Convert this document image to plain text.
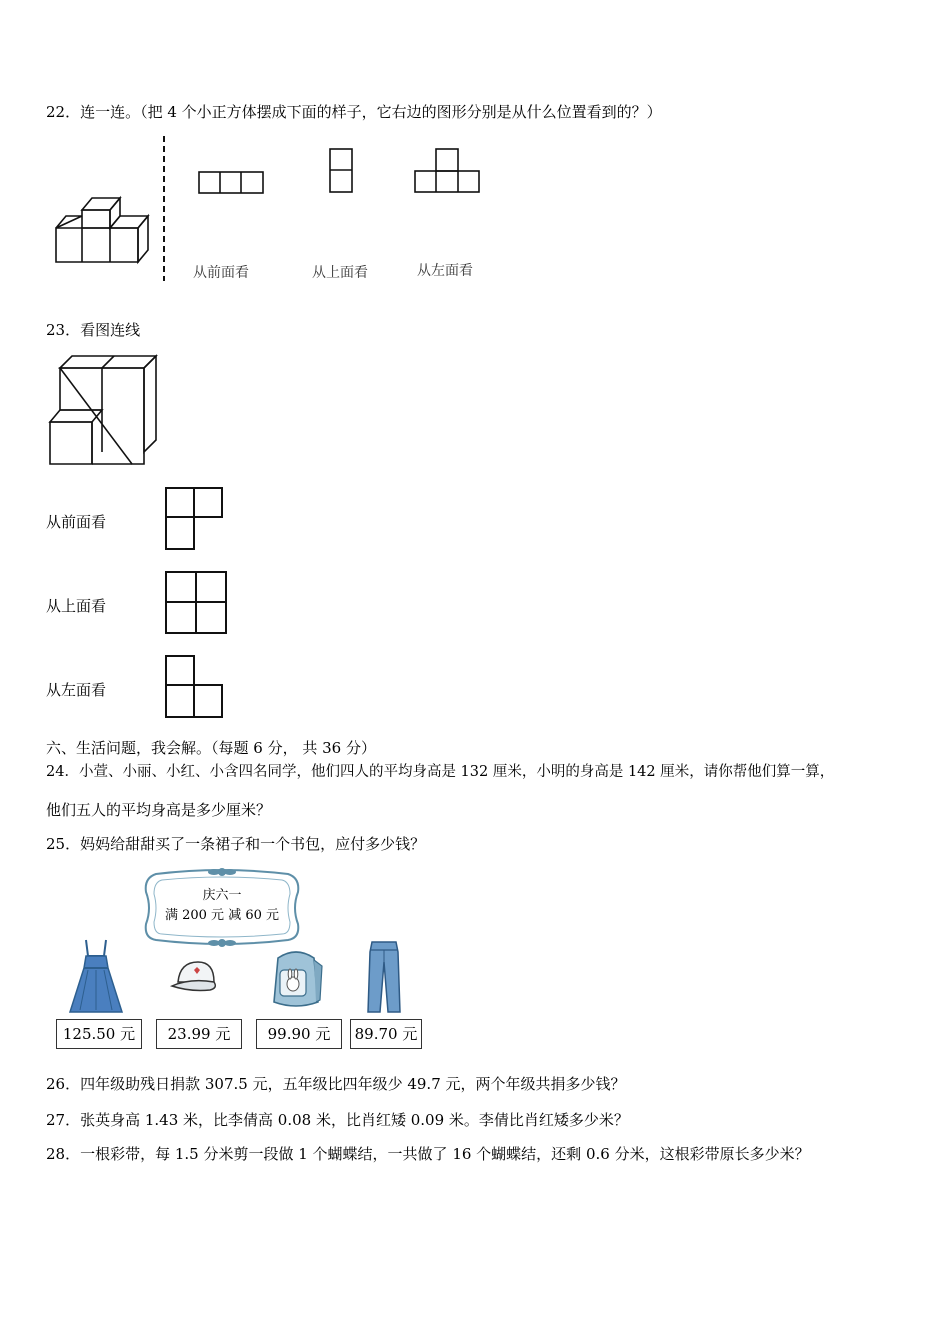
22．连一连。（把 4 个小正方体摆成下面的样子，它右边的图形分别是从什么位置看到的？）
从前面看	从上面看	从左面看
23．看图连线
从前面看
从上面看
从左面看
六、生活问题，我会解。（每题 6 分， 共 36 分）
24．小萱、小丽、小红、小含四名同学，他们四人的平均身高是 132 厘米，小明的身高是 142 厘米，请你帮他们算一算，
他们五人的平均身高是多少厘米？
25．妈妈给甜甜买了一条裙子和一个书包，应付多少钱？
庆六一
满 200 元 减 60 元
125.50 元	23.99 元	99.90 元	89.70 元
26．四年级助残日捐款 307.5 元，五年级比四年级少 49.7 元，两个年级共捐多少钱？
27．张英身高 1.43 米，比李倩高 0.08 米，比肖红矮 0.09 米。李倩比肖红矮多少米？
28．一根彩带，每 1.5 分米剪一段做 1 个蝴蝶结，一共做了 16 个蝴蝶结，还剩 0.6 分米，这根彩带原长多少米？
